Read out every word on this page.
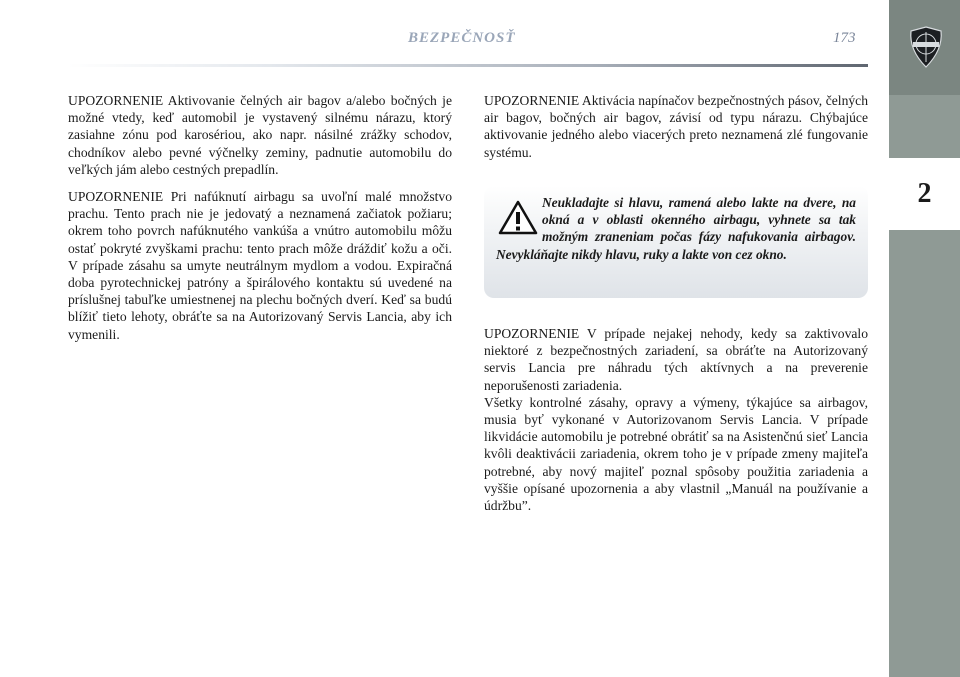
BEZPEČNOSŤ	173
2

UPOZORNENIE Aktivovanie čelných air bagov a/alebo bočných je možné vtedy, keď automobil je vystavený silnému nárazu, ktorý zasiahne zónu pod karosériou, ako napr. násilné zrážky schodov, chodníkov alebo pevné výčnelky zeminy, padnutie automobilu do veľkých jám alebo cestných prepadlín.

UPOZORNENIE Pri nafúknutí airbagu sa uvoľní malé množstvo prachu. Tento prach nie je jedovatý a neznamená začiatok požiaru; okrem toho povrch nafúknutého vankúša a vnútro automobilu môžu ostať pokryté zvyškami prachu: tento prach môže dráždiť kožu a oči. V prípade zásahu sa umyte neutrálnym mydlom a vodou. Expiračná doba pyrotechnickej patróny a špirálového kontaktu sú uvedené na príslušnej tabuľke umiestnenej na plechu bočných dverí. Keď sa budú blížiť tieto lehoty, obráťte sa na Autorizovaný Servis Lancia, aby ich vymenili.

UPOZORNENIE Aktivácia napínačov bezpečnostných pásov, čelných air bagov, bočných air bagov, závisí od typu nárazu. Chýbajúce aktivovanie jedného alebo viacerých preto neznamená zlé fungovanie systému.

Neukladajte si hlavu, ramená alebo lakte na dvere, na okná a v oblasti okenného airbagu, vyhnete sa tak možným zraneniam počas fázy nafukovania airbagov. Nevykláňajte nikdy hlavu, ruky a lakte von cez okno.

UPOZORNENIE V prípade nejakej nehody, kedy sa zaktivovalo niektoré z bezpečnostných zariadení, sa obráťte na Autorizovaný servis Lancia pre náhradu tých aktívnych a na preverenie neporušenosti zariadenia.

Všetky kontrolné zásahy, opravy a výmeny, týkajúce sa airbagov, musia byť vykonané v Autorizovanom Servis Lancia. V prípade likvidácie automobilu je potrebné obrátiť sa na Asistenčnú sieť Lancia kvôli deaktivácii zariadenia, okrem toho je v prípade zmeny majiteľa potrebné, aby nový majiteľ poznal spôsoby použitia zariadenia a vyššie opísané upozornenia a aby vlastnil „Manuál na používanie a údržbu”.

carmanualsonline.info
